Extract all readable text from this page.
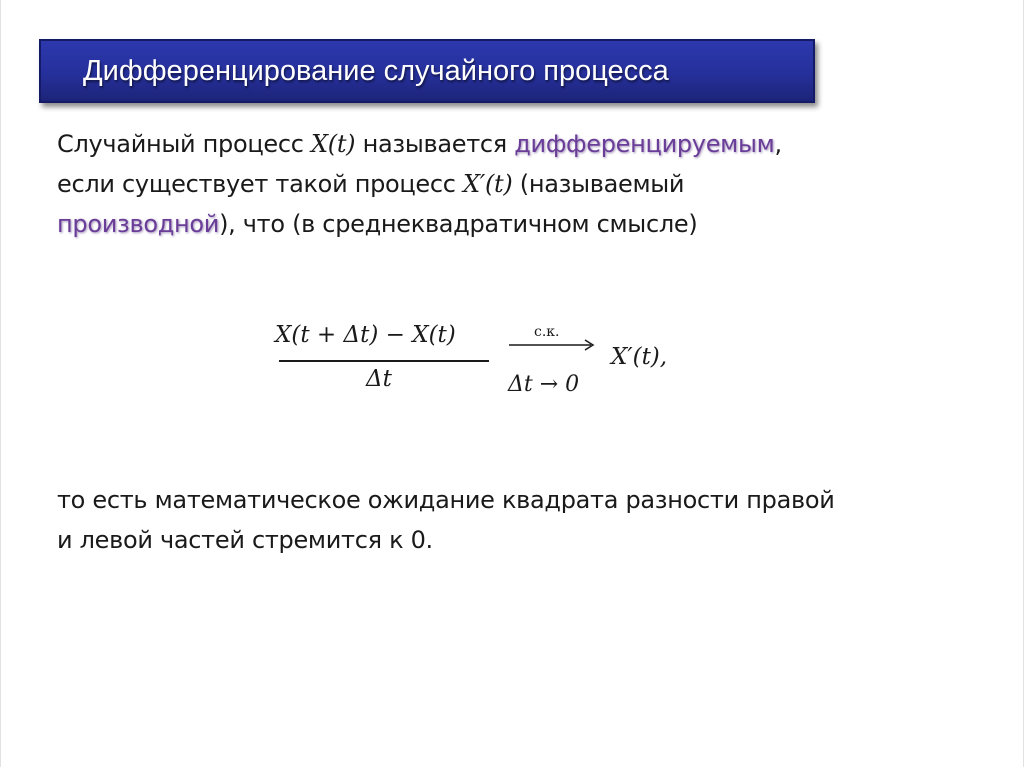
Дифференцирование случайного процесса
Случайный процесс X(t) называется дифференцируемым,
если существует такой процесс X′(t) (называемый
производной), что (в среднеквадратичном смысле)
X(t + Δt) − X(t)
Δt
с.к.
Δt → 0
X′(t),
то есть математическое ожидание квадрата разности правой
и левой частей стремится к 0.
